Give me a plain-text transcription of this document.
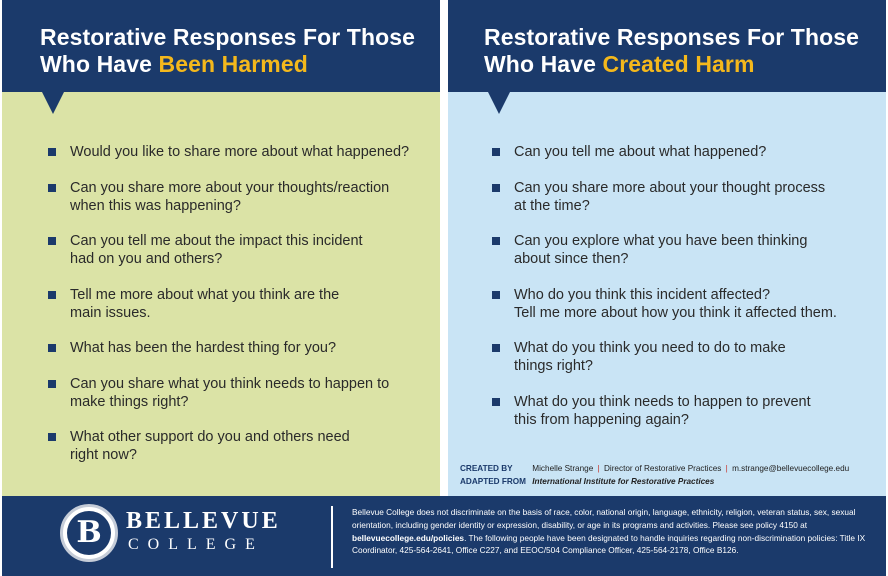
Restorative Responses For Those
Who Have Been Harmed
Would you like to share more about what happened?
Can you share more about your thoughts/reaction
when this was happening?
Can you tell me about the impact this incident
had on you and others?
Tell me more about what you think are the
main issues.
What has been the hardest thing for you?
Can you share what you think needs to happen to
make things right?
What other support do you and others need
right now?
Restorative Responses For Those
Who Have Created Harm
Can you tell me about what happened?
Can you share more about your thought process
at the time?
Can you explore what you have been thinking
about since then?
Who do you think this incident affected?
Tell me more about how you think it affected them.
What do you think you need to do to make
things right?
What do you think needs to happen to prevent
this from happening again?
CREATED BY Michelle Strange | Director of Restorative Practices | m.strange@bellevuecollege.edu
ADAPTED FROM International Institute for Restorative Practices
B	BELLEVUE
COLLEGE
Bellevue College does not discriminate on the basis of race, color, national origin, language, ethnicity, religion, veteran status, sex, sexual orientation, including gender identity or expression, disability, or age in its programs and activities. Please see policy 4150 at bellevuecollege.edu/policies. The following people have been designated to handle inquiries regarding non-discrimination policies: Title IX Coordinator, 425-564-2641, Office C227, and EEOC/504 Compliance Officer, 425-564-2178, Office B126.
